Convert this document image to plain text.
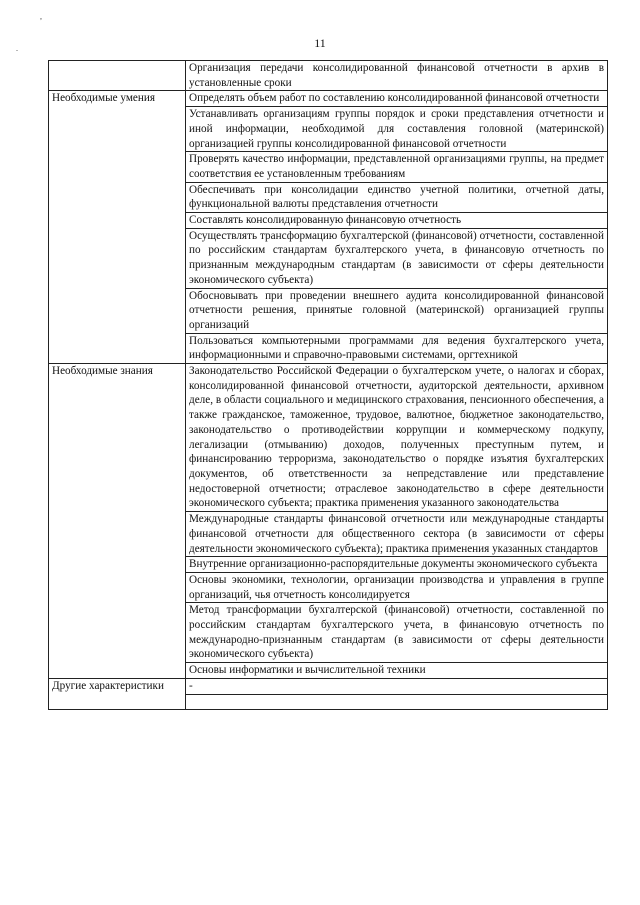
11
,
.
	Организация передачи консолидированной финансовой отчетности в архив в установленные сроки
Необходимые умения	Определять объем работ по составлению консолидированной финансовой отчетности
	Устанавливать организациям группы порядок и сроки представления отчетности и иной информации, необходимой для составления головной (материнской) организацией группы консолидированной финансовой отчетности
	Проверять качество информации, представленной организациями группы, на предмет соответствия ее установленным требованиям
	Обеспечивать при консолидации единство учетной политики, отчетной даты, функциональной валюты представления отчетности
	Составлять консолидированную финансовую отчетность
	Осуществлять трансформацию бухгалтерской (финансовой) отчетности, составленной по российским стандартам бухгалтерского учета, в финансовую отчетность по признанным международным стандартам (в зависимости от сферы деятельности экономического субъекта)
	Обосновывать при проведении внешнего аудита консолидированной финансовой отчетности решения, принятые головной (материнской) организацией группы организаций
	Пользоваться компьютерными программами для ведения бухгалтерского учета, информационными и справочно-правовыми системами, оргтехникой
Необходимые знания	Законодательство Российской Федерации о бухгалтерском учете, о налогах и сборах, консолидированной финансовой отчетности, аудиторской деятельности, архивном деле, в области социального и медицинского страхования, пенсионного обеспечения, а также гражданское, таможенное, трудовое, валютное, бюджетное законодательство, законодательство о противодействии коррупции и коммерческому подкупу, легализации (отмыванию) доходов, полученных преступным путем, и финансированию терроризма, законодательство о порядке изъятия бухгалтерских документов, об ответственности за непредставление или представление недостоверной отчетности; отраслевое законодательство в сфере деятельности экономического субъекта; практика применения указанного законодательства
	Международные стандарты финансовой отчетности или международные стандарты финансовой отчетности для общественного сектора (в зависимости от сферы деятельности экономического субъекта); практика применения указанных стандартов
	Внутренние организационно-распорядительные документы экономического субъекта
	Основы экономики, технологии, организации производства и управления в группе организаций, чья отчетность консолидируется
	Метод трансформации бухгалтерской (финансовой) отчетности, составленной по российским стандартам бухгалтерского учета, в финансовую отчетность по международно-признанным стандартам (в зависимости от сферы деятельности экономического субъекта)
	Основы информатики и вычислительной техники
Другие характеристики	-
